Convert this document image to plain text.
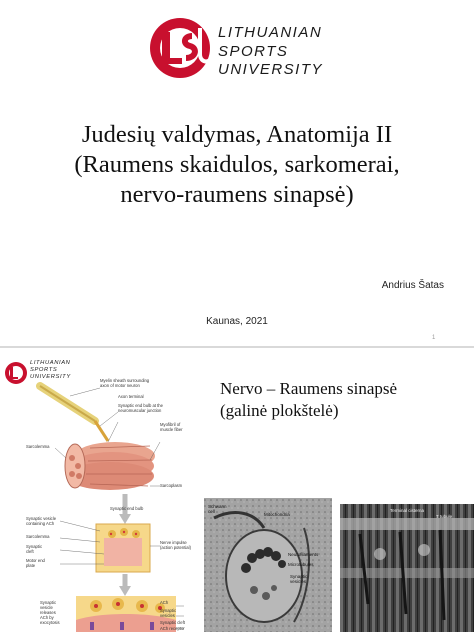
LITHUANIAN
SPORTS
UNIVERSITY
Judesių valdymas, Anatomija II
(Raumens skaidulos, sarkomerai,
nervo-raumens sinapsė)
Andrius Šatas
Kaunas, 2021
1
LITHUANIAN
SPORTS
UNIVERSITY
Myelin sheath surrounding
axon of motor neuron
Axon terminal
Synaptic end bulb at the
neuromuscular junction
Myofibril of
muscle fiber
Sarcolemma
Sarcoplasm
Synaptic end bulb
Synaptic vesicle
containing ACh
Sarcolemma
Synaptic
cleft
Motor end
plate
Nerve impulse
(action potential)
ACh
Synaptic
vesicles
Synaptic
vesicle
releases
ACh by
exocytosis	Synaptic cleft
ACh receptor
Nervo – Raumens sinapsė
(galinė plokštelė)
Schwann
cell
Mitochondria
Neurofilaments
Microtubules
Synaptic
vesicles
Terminal cisterna
T tubule
